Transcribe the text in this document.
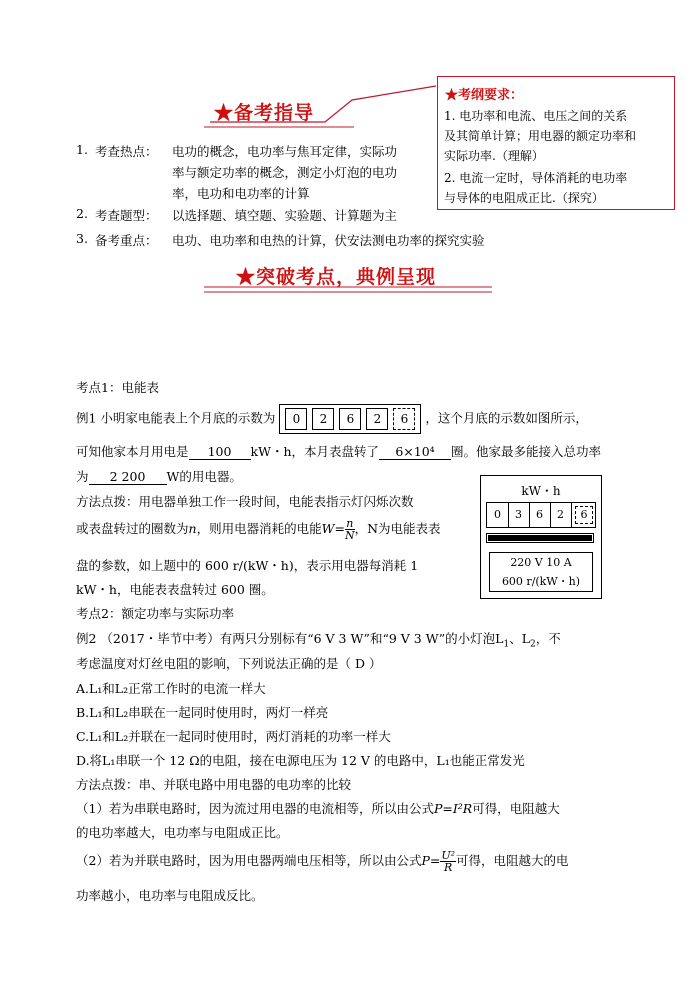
★备考指导
★考纲要求：
1. 电功率和电流、电压之间的关系
及其简单计算；用电器的额定功率和
实际功率.（理解）
2. 电流一定时，导体消耗的电功率
与导体的电阻成正比.（探究）
1. 考查热点： 电功的概念，电功率与焦耳定律，实际功
率与额定功率的概念，测定小灯泡的电功
率，电功和电功率的计算
2. 考查题型： 以选择题、填空题、实验题、计算题为主
3. 备考重点： 电功、电功率和电热的计算，伏安法测电功率的探究实验
★突破考点，典例呈现
考点1：电能表
例1 小明家电能表上个月底的示数为 0 2 6 2 6 ，这个月底的示数如图所示，
可知他家本月用电是 100 kW・h，本月表盘转了 6×10⁴ 圈。他家最多能接入总功率
为 2 200 W的用电器。
方法点拨：用电器单独工作一段时间，电能表指示灯闪烁次数
或表盘转过的圈数为n，则用电器消耗的电能$W= \frac{n}{N}$ ，N为电能表表
盘的参数，如上题中的 600 r/(kW・h)，表示用电器每消耗 1
kW・h，电能表表盘转过 600 圈。
kW・h
0	3	6	2	6
220 V 10 A
600 r/(kW・h)
考点2：额定功率与实际功率
例2 （2017・毕节中考）有两只分别标有“6 V 3 W”和“9 V 3 W”的小灯泡$L_1$、$L_2$，不
考虑温度对灯丝电阻的影响，下列说法正确的是（ D ）
A.L₁和L₂正常工作时的电流一样大
B.L₁和L₂串联在一起同时使用时，两灯一样亮
C.L₁和L₂并联在一起同时使用时，两灯消耗的功率一样大
D.将L₁串联一个 12 Ω的电阻，接在电源电压为 12 V 的电路中，L₁也能正常发光
方法点拨：串、并联电路中用电器的电功率的比较
（1）若为串联电路时，因为流过用电器的电流相等，所以由公式P=I²R可得，电阻越大
的电功率越大，电功率与电阻成正比。
（2）若为并联电路时，因为用电器两端电压相等，所以由公式$P= \frac{\text{U²}}{R}$ 可得，电阻越大的电
功率越小，电功率与电阻成反比。
